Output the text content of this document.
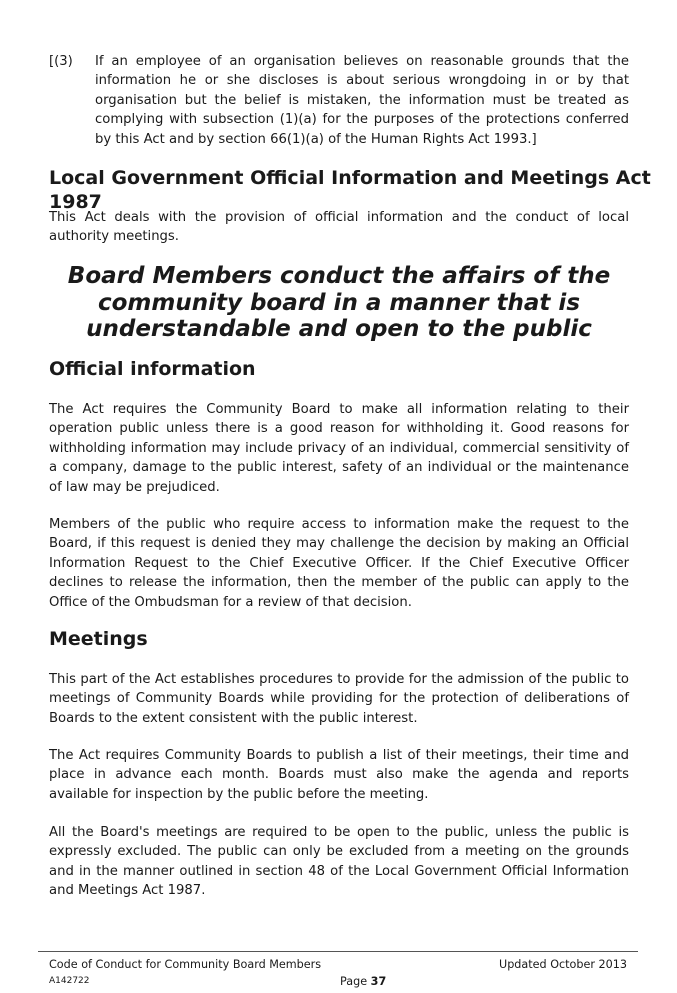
[(3)	If an employee of an organisation believes on reasonable grounds that the information he or she discloses is about serious wrongdoing in or by that organisation but the belief is mistaken, the information must be treated as complying with subsection (1)(a) for the purposes of the protections conferred by this Act and by section 66(1)(a) of the Human Rights Act 1993.]
Local Government Official Information and Meetings Act 1987

This Act deals with the provision of official information and the conduct of local authority meetings.

Board Members conduct the affairs of the community board in a manner that is understandable and open to the public

Official information

The Act requires the Community Board to make all information relating to their operation public unless there is a good reason for withholding it. Good reasons for withholding information may include privacy of an individual, commercial sensitivity of a company, damage to the public interest, safety of an individual or the maintenance of law may be prejudiced.

Members of the public who require access to information make the request to the Board, if this request is denied they may challenge the decision by making an Official Information Request to the Chief Executive Officer. If the Chief Executive Officer declines to release the information, then the member of the public can apply to the Office of the Ombudsman for a review of that decision.

Meetings

This part of the Act establishes procedures to provide for the admission of the public to meetings of Community Boards while providing for the protection of deliberations of Boards to the extent consistent with the public interest.

The Act requires Community Boards to publish a list of their meetings, their time and place in advance each month. Boards must also make the agenda and reports available for inspection by the public before the meeting.

All the Board's meetings are required to be open to the public, unless the public is expressly excluded. The public can only be excluded from a meeting on the grounds and in the manner outlined in section 48 of the Local Government Official Information and Meetings Act 1987.

Code of Conduct for Community Board Members	Updated October 2013
A142722	Page 37
